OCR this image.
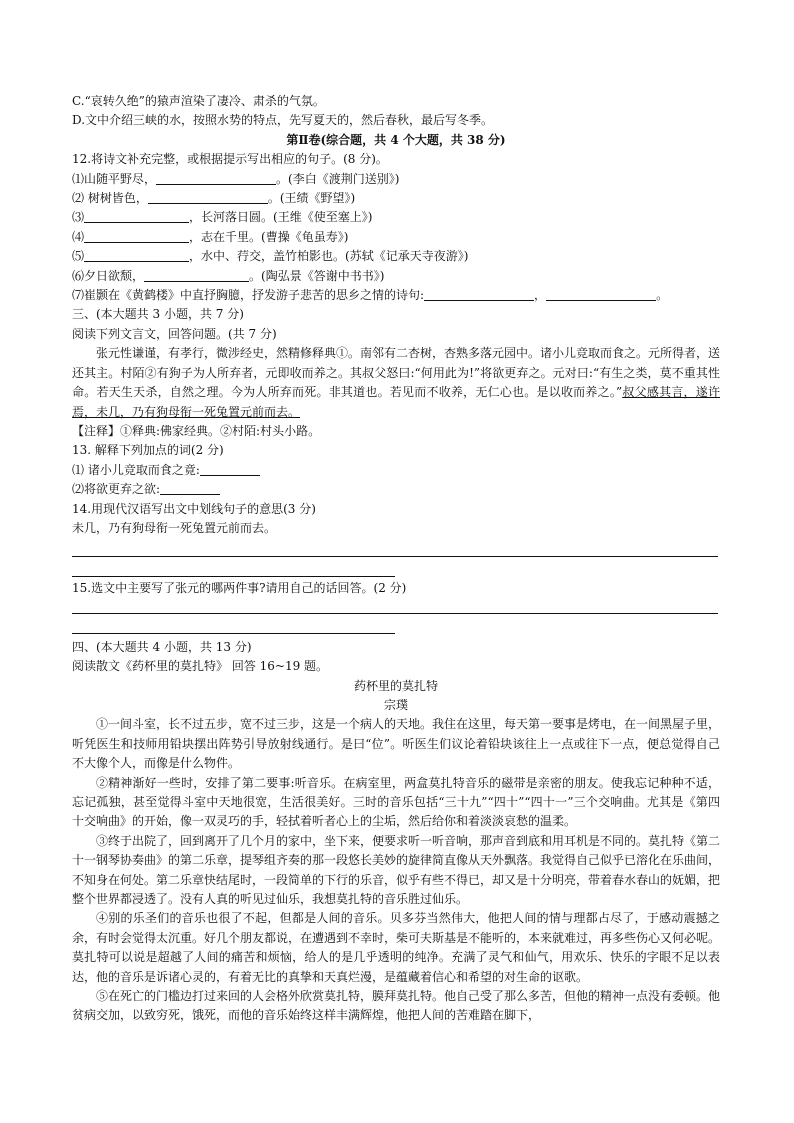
C.“哀转久绝”的猿声渲染了凄冷、肃杀的气氛。
D.文中介绍三峡的水，按照水势的特点，先写夏天的，然后春秋，最后写冬季。
第Ⅱ卷(综合题，共 4 个大题，共 38 分)
12.将诗文补充完整，或根据提示写出相应的句子。(8 分)。
⑴山随平野尽，	。(李白《渡荆门送别》)
⑵ 树树皆色，	。(王绩《野望》)
⑶	，长河落日圆。(王维《使至塞上》)
⑷	，志在千里。(曹操《龟虽寿》)
⑸	，水中、荇交，盖竹柏影也。(苏轼《记承天寺夜游》)
⑹夕日欲颓，	。(陶弘景《答谢中书书》)
⑺崔颢在《黄鹤楼》中直抒胸臆，抒发游子悲苦的思乡之情的诗句:	，	。
三、(本大题共 3 小题，共 7 分)
阅读下列文言文，回答问题。(共 7 分)
张元性谦谨，有孝行，微涉经史，然精修释典①。南邻有二杏树，杏熟多落元园中。诸小儿竞取而食之。元所得者，送还其主。村陌②有狗子为人所弃者，元即收而养之。其叔父怒曰:“何用此为!”将欲更弃之。元对曰:“有生之类，莫不重其性命。若天生天杀，自然之理。今为人所弃而死。非其道也。若见而不收养，无仁心也。是以收而养之。”叔父感其言，遂许焉，未几，乃有狗母衔一死兔置元前而去。
【注释】①释典:佛家经典。②村陌:村头小路。
13. 解释下列加点的词(2 分)
⑴ 诸小儿竞取而食之竟:
⑵将欲更弃之欲:
14.用现代汉语写出文中划线句子的意思(3 分)
未几，乃有狗母衔一死兔置元前而去。
15.选文中主要写了张元的哪两件事?请用自己的话回答。(2 分)
四、(本大题共 4 小题，共 13 分)
阅读散文《药杯里的莫扎特》 回答 16~19 题。
药杯里的莫扎特
宗璞
①一间斗室，长不过五步，宽不过三步，这是一个病人的天地。我住在这里，每天第一要事是烤电，在一间黑屋子里，听凭医生和技师用铅块摆出阵势引导放射线通行。是曰“位”。听医生们议论着铅块该往上一点或往下一点，便总觉得自己不大像个人，而像是什么物件。
②精神渐好一些时，安排了第二要事:听音乐。在病室里，两盒莫扎特音乐的磁带是亲密的朋友。使我忘记种种不适，忘记孤独，甚至觉得斗室中天地很宽，生活很美好。三时的音乐包括“三十九”“四十”“四十一”三个交响曲。尤其是《第四十交响曲》的开始，像一双灵巧的手，轻拭着听者心上的尘垢，然后给你和着淡淡哀愁的温柔。
③终于出院了，回到离开了几个月的家中，坐下来，便要求听一听音响，那声音到底和用耳机是不同的。莫扎特《第二十一钢琴协奏曲》的第二乐章，提琴组齐奏的那一段悠长美妙的旋律简直像从天外飘落。我觉得自己似乎已溶化在乐曲间，不知身在何处。第二乐章快结尾时，一段简单的下行的乐音，似乎有些不得已，却又是十分明亮，带着春水春山的妩媚，把整个世界都浸透了。没有人真的听见过仙乐，我想莫扎特的音乐胜过仙乐。
④别的乐圣们的音乐也很了不起，但都是人间的音乐。贝多芬当然伟大，他把人间的情与理都占尽了，于感动震撼之余，有时会觉得太沉重。好几个朋友都说，在遭遇到不幸时，柴可夫斯基是不能听的，本来就难过，再多些伤心又何必呢。莫扎特可以说是超越了人间的痛苦和烦恼，给人的是几乎透明的纯净。充满了灵气和仙气，用欢乐、快乐的字眼不足以表达，他的音乐是诉诸心灵的，有着无比的真挚和天真烂漫，是蕴藏着信心和希望的对生命的讴歌。
⑤在死亡的门槛边打过来回的人会格外欣赏莫扎特，膜拜莫扎特。他自己受了那么多苦，但他的精神一点没有委顿。他贫病交加，以致穷死，饿死，而他的音乐始终这样丰满辉煌，他把人间的苦难踏在脚下，
